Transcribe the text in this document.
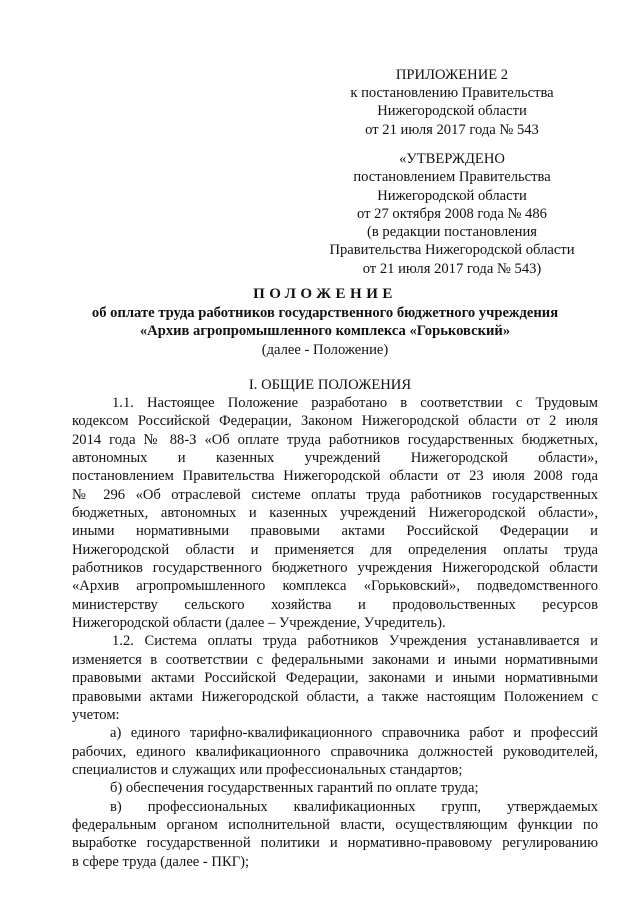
ПРИЛОЖЕНИЕ 2
к постановлению Правительства
Нижегородской области
от 21 июля 2017 года № 543
«УТВЕРЖДЕНО
постановлением Правительства
Нижегородской области
от 27 октября 2008 года № 486
(в редакции постановления
Правительства Нижегородской области
от 21 июля 2017 года № 543)
ПОЛОЖЕНИЕ
об оплате труда работников государственного бюджетного учреждения
«Архив агропромышленного комплекса «Горьковский»
(далее - Положение)
I. ОБЩИЕ ПОЛОЖЕНИЯ

1.1. Настоящее Положение разработано в соответствии с Трудовым
кодексом Российской Федерации, Законом Нижегородской области от 2 июля
2014 года № 88-З «Об оплате труда работников государственных бюджетных,
автономных и казенных учреждений Нижегородской области»,
постановлением Правительства Нижегородской области от 23 июля 2008 года
№ 296 «Об отраслевой системе оплаты труда работников государственных
бюджетных, автономных и казенных учреждений Нижегородской области»,
иными нормативными правовыми актами Российской Федерации и
Нижегородской области и применяется для определения оплаты труда
работников государственного бюджетного учреждения Нижегородской области
«Архив агропромышленного комплекса «Горьковский», подведомственного
министерству сельского хозяйства и продовольственных ресурсов
Нижегородской области (далее – Учреждение, Учредитель).

1.2. Система оплаты труда работников Учреждения устанавливается и
изменяется в соответствии с федеральными законами и иными нормативными
правовыми актами Российской Федерации, законами и иными нормативными
правовыми актами Нижегородской области, а также настоящим Положением с
учетом:

а) единого тарифно-квалификационного справочника работ и профессий
рабочих, единого квалификационного справочника должностей руководителей,
специалистов и служащих или профессиональных стандартов;

б) обеспечения государственных гарантий по оплате труда;

в) профессиональных квалификационных групп, утверждаемых
федеральным органом исполнительной власти, осуществляющим функции по
выработке государственной политики и нормативно-правовому регулированию
в сфере труда (далее - ПКГ);
